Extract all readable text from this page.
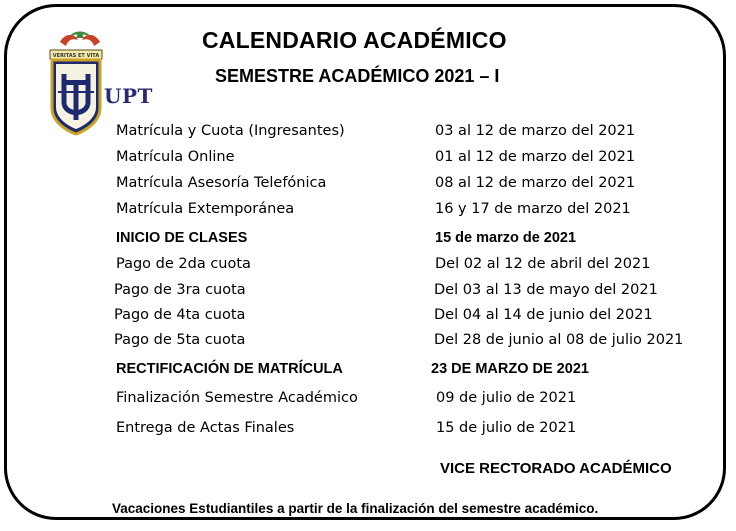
VERITAS ET VITA
UPT
CALENDARIO ACADÉMICO
SEMESTRE ACADÉMICO 2021 – I
Matrícula y Cuota (Ingresantes)	03 al 12 de marzo del 2021
Matrícula Online	01 al 12 de marzo del 2021
Matrícula Asesoría Telefónica	08 al 12 de marzo del 2021
Matrícula Extemporánea	16 y 17 de marzo del 2021
INICIO DE CLASES	15 de marzo de 2021
Pago de 2da cuota	Del 02 al 12 de abril del 2021
Pago de 3ra cuota	Del 03 al 13 de mayo del 2021
Pago de 4ta cuota	Del 04 al 14 de junio del 2021
Pago de 5ta cuota	Del 28 de junio al 08 de julio 2021
RECTIFICACIÓN DE MATRÍCULA	23 DE MARZO DE 2021
Finalización Semestre Académico	09 de julio de 2021
Entrega de Actas Finales	15 de julio de 2021
VICE RECTORADO ACADÉMICO
Vacaciones Estudiantiles a partir de la finalización del semestre académico.
